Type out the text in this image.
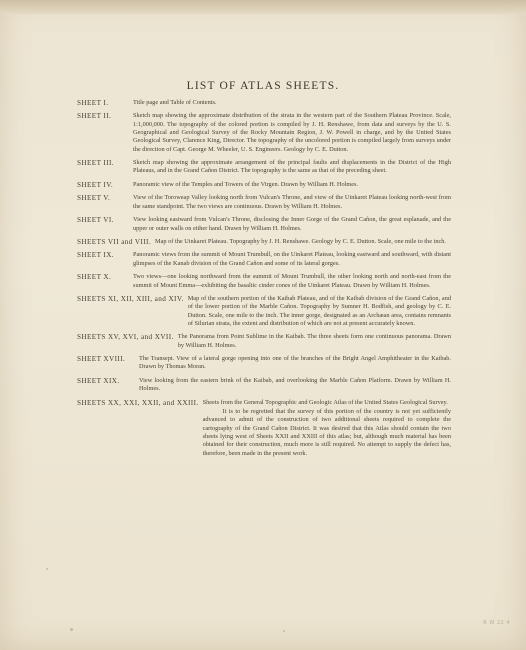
LIST OF ATLAS SHEETS.
SHEET I.	Title page and Table of Contents.
SHEET II.	Sketch map showing the approximate distribution of the strata in the western part of the Southern Plateau Province. Scale, 1:1,000,000. The topography of the colored portion is compiled by J. H. Renshawe, from data and surveys by the U. S. Geographical and Geological Survey of the Rocky Mountain Region, J. W. Powell in charge, and by the United States Geological Survey, Clarence King, Director. The topography of the uncolored portion is compiled largely from surveys under the direction of Capt. George M. Wheeler, U. S. Engineers. Geology by C. E. Dutton.
SHEET III.	Sketch map showing the approximate arrangement of the principal faults and displacements in the District of the High Plateaus, and in the Grand Cañon District. The topography is the same as that of the preceding sheet.
SHEET IV.	Panoramic view of the Temples and Towers of the Virgen. Drawn by William H. Holmes.
SHEET V.	View of the Toroweap Valley looking north from Vulcan's Throne, and view of the Uinkaret Plateau looking north-west from the same standpoint. The two views are continuous. Drawn by William H. Holmes.
SHEET VI.	View looking eastward from Vulcan's Throne, disclosing the Inner Gorge of the Grand Cañon, the great esplanade, and the upper or outer walls on either hand. Drawn by William H. Holmes.
SHEETS VII and VIII. Map of the Uinkaret Plateau. Topography by J. H. Renshawe. Geology by C. E. Dutton. Scale, one mile to the inch.
SHEET IX.	Panoramic views from the summit of Mount Trumbull, on the Uinkaret Plateau, looking eastward and southward, with distant glimpses of the Kanab division of the Grand Cañon and some of its lateral gorges.
SHEET X.	Two views—one looking northward from the summit of Mount Trumbull, the other looking north and north-east from the summit of Mount Emma—exhibiting the basaltic cinder cones of the Uinkaret Plateau. Drawn by William H. Holmes.
SHEETS XI, XII, XIII, and XIV. Map of the southern portion of the Kaibab Plateau, and of the Kaibab division of the Grand Cañon, and of the lower portion of the Marble Cañon. Topography by Sumner H. Bodfish, and geology by C. E. Dutton. Scale, one mile to the inch. The inner gorge, designated as an Archæan area, contains remnants of Silurian strata, the extent and distribution of which are not at present accurately known.
SHEETS XV, XVI, and XVII. The Panorama from Point Sublime in the Kaibab. The three sheets form one continuous panorama. Drawn by William H. Holmes.
SHEET XVIII.	The Transept. View of a lateral gorge opening into one of the branches of the Bright Angel Amphitheater in the Kaibab. Drawn by Thomas Moran.
SHEET XIX.	View looking from the eastern brink of the Kaibab, and overlooking the Marble Cañon Platform. Drawn by William H. Holmes.
SHEETS XX, XXI, XXII, and XXIII. Sheets from the General Topographic and Geologic Atlas of the United States Geological Survey.
It is to be regretted that the survey of this portion of the country is not yet sufficiently advanced to admit of the construction of two additional sheets required to complete the cartography of the Grand Cañon District. It was desired that this Atlas should contain the two sheets lying west of Sheets XXII and XXIII of this atlas; but, although much material has been obtained for their construction, much more is still required. No attempt to supply the defect has, therefore, been made in the present work.
R W 22 4
